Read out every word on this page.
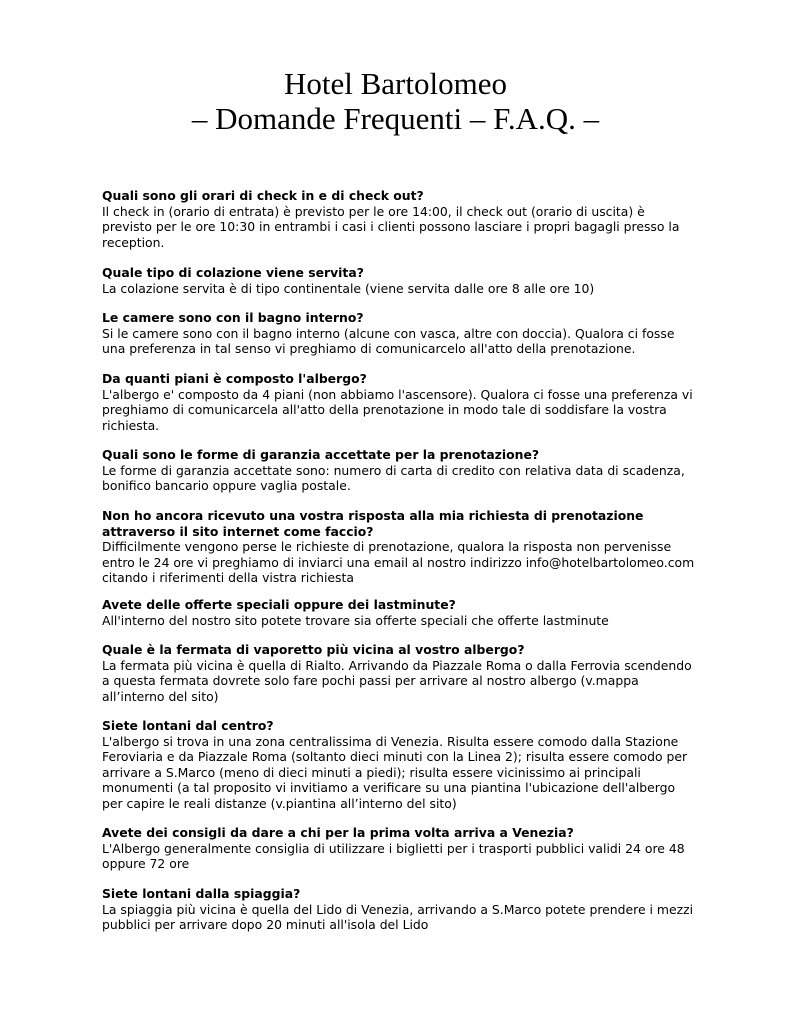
Hotel Bartolomeo
– Domande Frequenti – F.A.Q. –
Quali sono gli orari di check in e di check out?
Il check in (orario di entrata) è previsto per le ore 14:00, il check out (orario di uscita) è
previsto per le ore 10:30 in entrambi i casi i clienti possono lasciare i propri bagagli presso la
reception.
Quale tipo di colazione viene servita?
La colazione servita è di tipo continentale (viene servita dalle ore 8 alle ore 10)
Le camere sono con il bagno interno?
Si le camere sono con il bagno interno (alcune con vasca, altre con doccia). Qualora ci fosse
una preferenza in tal senso vi preghiamo di comunicarcelo all'atto della prenotazione.
Da quanti piani è composto l'albergo?
L'albergo e' composto da 4 piani (non abbiamo l'ascensore). Qualora ci fosse una preferenza vi
preghiamo di comunicarcela all'atto della prenotazione in modo tale di soddisfare la vostra
richiesta.
Quali sono le forme di garanzia accettate per la prenotazione?
Le forme di garanzia accettate sono: numero di carta di credito con relativa data di scadenza,
bonifico bancario oppure vaglia postale.
Non ho ancora ricevuto una vostra risposta alla mia richiesta di prenotazione
attraverso il sito internet come faccio?
Difficilmente vengono perse le richieste di prenotazione, qualora la risposta non pervenisse
entro le 24 ore vi preghiamo di inviarci una email al nostro indirizzo info@hotelbartolomeo.com
citando i riferimenti della vistra richiesta
Avete delle offerte speciali oppure dei lastminute?
All'interno del nostro sito potete trovare sia offerte speciali che offerte lastminute
Quale è la fermata di vaporetto più vicina al vostro albergo?
La fermata più vicina è quella di Rialto. Arrivando da Piazzale Roma o dalla Ferrovia scendendo
a questa fermata dovrete solo fare pochi passi per arrivare al nostro albergo (v.mappa
all’interno del sito)
Siete lontani dal centro?
L'albergo si trova in una zona centralissima di Venezia. Risulta essere comodo dalla Stazione
Feroviaria e da Piazzale Roma (soltanto dieci minuti con la Linea 2); risulta essere comodo per
arrivare a S.Marco (meno di dieci minuti a piedi); risulta essere vicinissimo ai principali
monumenti (a tal proposito vi invitiamo a verificare su una piantina l'ubicazione dell'albergo
per capire le reali distanze (v.piantina all’interno del sito)
Avete dei consigli da dare a chi per la prima volta arriva a Venezia?
L'Albergo generalmente consiglia di utilizzare i biglietti per i trasporti pubblici validi 24 ore 48
oppure 72 ore
Siete lontani dalla spiaggia?
La spiaggia più vicina è quella del Lido di Venezia, arrivando a S.Marco potete prendere i mezzi
pubblici per arrivare dopo 20 minuti all'isola del Lido
